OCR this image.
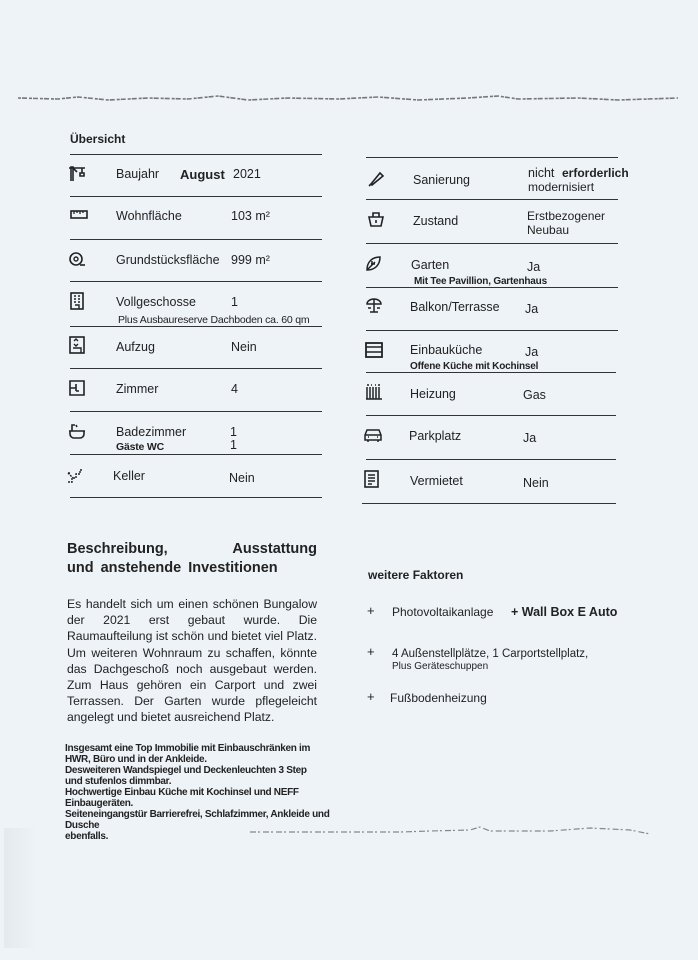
Übersicht
Baujahr August 2021
Wohnfläche	103 m²
Grundstücksfläche 999 m²
Vollgeschosse	1
Plus Ausbaureserve Dachboden ca. 60 qm
Aufzug	Nein
Zimmer	4
Badezimmer	1
Gäste WC	1
Keller	Nein
Sanierung	nicht erforderlich
modernisiert
Zustand	Erstbezogener
Neubau
Garten	Ja
Mit Tee Pavillion, Gartenhaus
Balkon/Terrasse Ja
Einbauküche	Ja
Offene Küche mit Kochinsel
Heizung	Gas
Parkplatz	Ja
Vermietet	Nein
Beschreibung,	Ausstattung
und anstehende Investitionen
Es handelt sich um einen schönen Bungalow der 2021 erst gebaut wurde. Die Raumaufteilung ist schön und bietet viel Platz. Um weiteren Wohnraum zu schaffen, könnte das Dachgeschoß noch ausgebaut werden. Zum Haus gehören ein Carport und zwei Terrassen. Der Garten wurde pflegeleicht angelegt und bietet ausreichend Platz.
Insgesamt eine Top Immobilie mit Einbauschränken im
HWR, Büro und in der Ankleide.
Desweiteren Wandspiegel und Deckenleuchten 3 Step
und stufenlos dimmbar.
Hochwertige Einbau Küche mit Kochinsel und NEFF Einbaugeräten.
Seiteneingangstür Barrierefrei, Schlafzimmer, Ankleide und Dusche
ebenfalls.
weitere Faktoren
+ Photovoltaikanlage + Wall Box E Auto
+ 4 Außenstellplätze, 1 Carportstellplatz,
Plus Geräteschuppen
+ Fußbodenheizung
